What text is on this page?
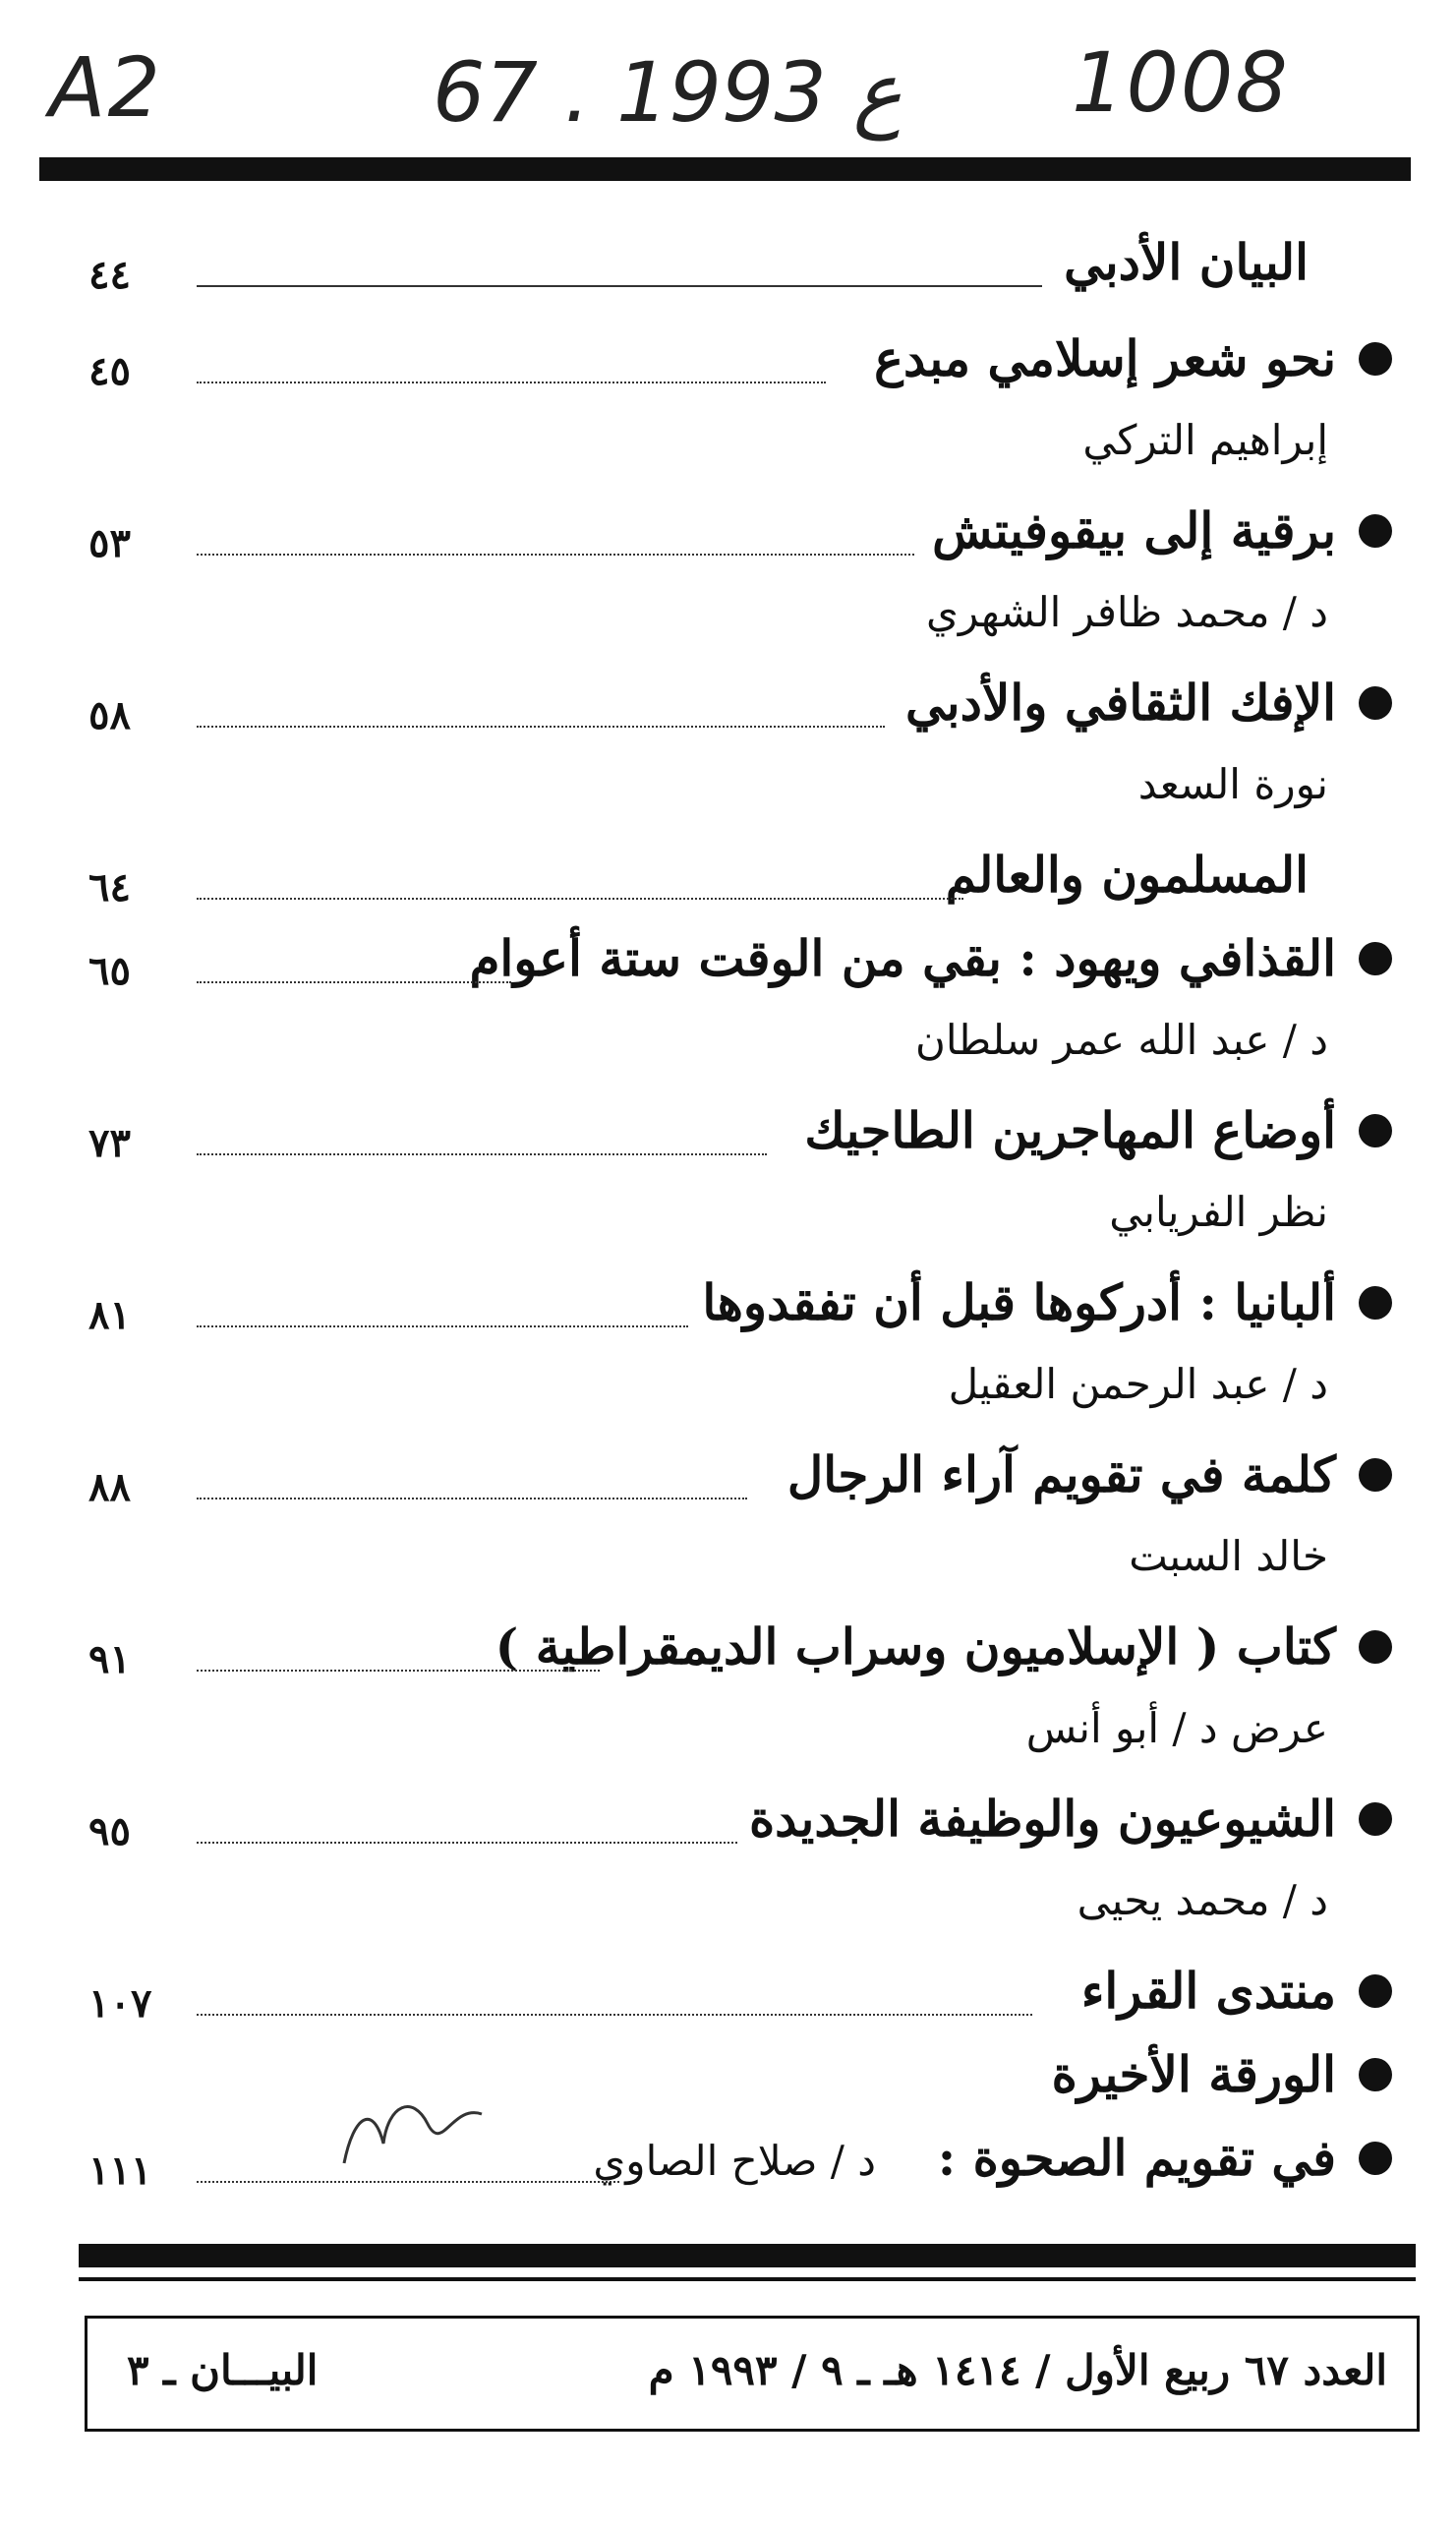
A2	67 . ع 1993 1008
العدد ٦٧ ربيع الأول / ١٤١٤ هـ ـ ٩ / ١٩٩٣ م
البيـــان ـ ٣
البيان الأدبي
٤٤
نحو شعر إسلامي مبدع
٤٥
إبراهيم التركي
برقية إلى بيقوفيتش
٥٣
د / محمد ظافر الشهري
الإفك الثقافي والأدبي
٥٨
نورة السعد
المسلمون والعالم
٦٤
القذافي ويهود : بقي من الوقت ستة أعوام
٦٥
د / عبد الله عمر سلطان
أوضاع المهاجرين الطاجيك
٧٣
نظر الفريابي
ألبانيا : أدركوها قبل أن تفقدوها
٨١
د / عبد الرحمن العقيل
كلمة في تقويم آراء الرجال
٨٨
خالد السبت
كتاب ( الإسلاميون وسراب الديمقراطية )
٩١
عرض د / أبو أنس
الشيوعيون والوظيفة الجديدة
٩٥
د / محمد يحيى
منتدى القراء
١٠٧
الورقة الأخيرة
في تقويم الصحوة :
١١١	د / صلاح الصاوي
